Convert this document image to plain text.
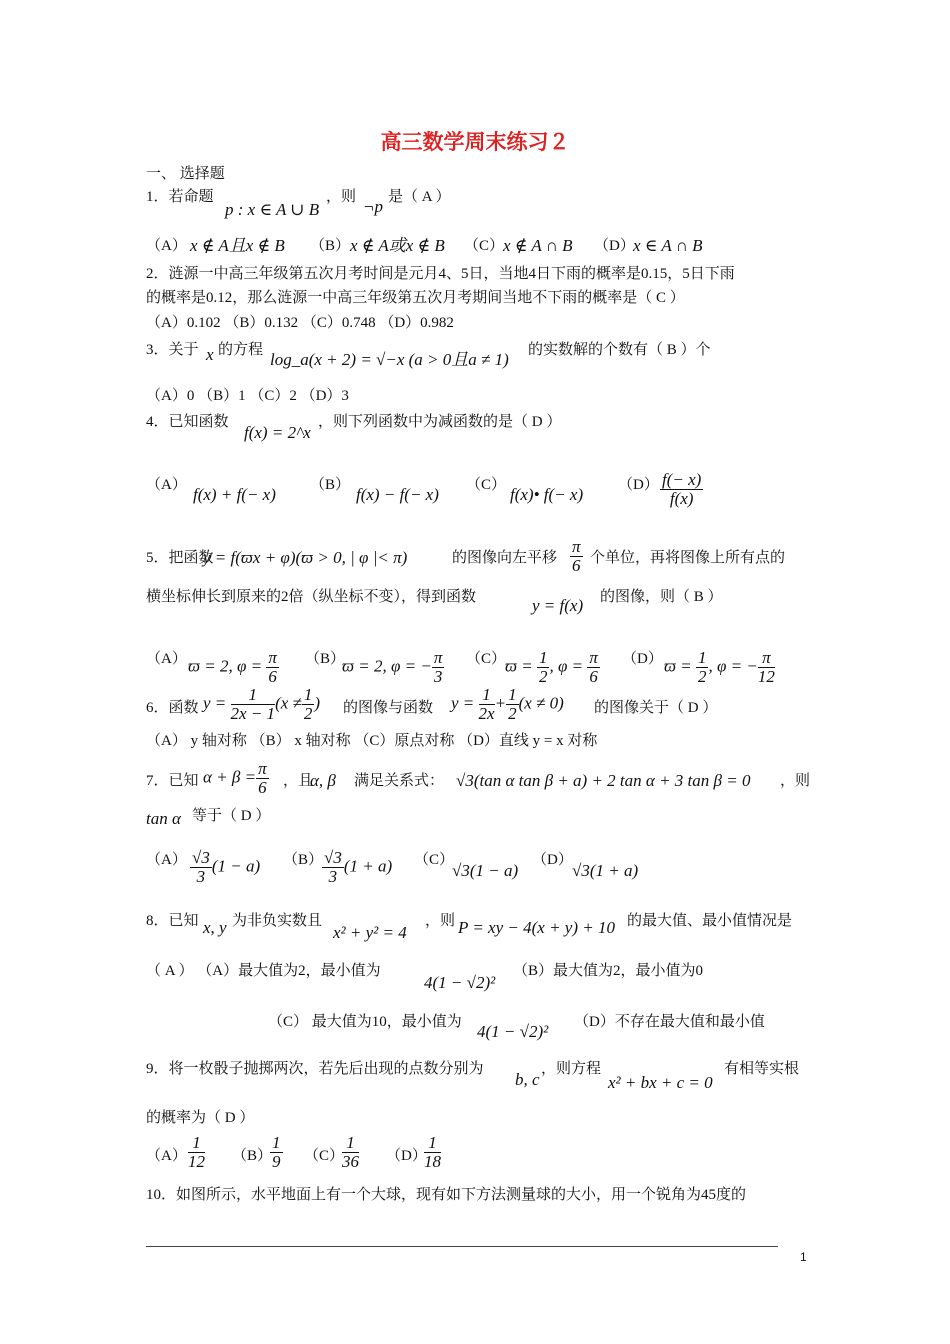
高三数学周末练习２
一、 选择题
1．若命题
p : x ∈ A ∪ B
，则 ¬p 是（ A ）
（A） x ∉ A且x ∉ B （B） x ∉ A或x ∉ B （C）
x ∉ A ∩ B （D）
x ∈ A ∩ B
2．涟源一中高三年级第五次月考时间是元月4、5日，当地4日下雨的概率是0.15，5日下雨
的概率是0.12，那么涟源一中高三年级第五次月考期间当地不下雨的概率是（ C ）
（A）0.102 （B）0.132 （C）0.748 （D）0.982
3．关于 x 的方程 log_a(x + 2) = √−x (a > 0且a ≠ 1) 的实数解的个数有（ B ）个
（A）0 （B）1 （C）2 （D）3
4．已知函数
f(x) = 2^x
，则下列函数中为减函数的是（ D ）
（A） f(x) + f(− x) （B） f(x) − f(− x) （C） f(x)• f(− x) $(D) \frac{f(- x)}{f(x)}$
5．把函数
y = f(ϖx + φ)(ϖ > 0, | φ |< π)	的图像向左平移 $\frac{\pi}{6}$ 个单位，再将图像上所有点的
横坐标伸长到原来的2倍（纵坐标不变），得到函数	y = f(x) 的图像，则（ B ）
（A） ϖ = 2, $\varphi = \frac{\pi}{6} (B)$
ϖ = 2, φ = − $\frac{\pi}{3} (C)$
$ϖ = \frac{1}{2}$ , $\varphi = \frac{\pi}{6} (D) ϖ = \frac{1}{2}$ , φ = − $\frac{\pi}{12}$
6．函数 $y = \frac{1}{2x - 1} (x \ne \frac{1}{2}$ ) 的图像与函数 $y = \frac{1}{2x} + \frac{1}{2} (x \ne 0)$ 的图像关于（ D ）
（A） y 轴对称 （B） x 轴对称 （C）原点对称 （D）直线 y = x 对称
7．已知 $\alpha + \beta = \frac{\pi}{6}$ ，且
α, β 满足关系式： √3(tan α tan β + a) + 2 tan α + 3 tan β = 0 ，则
tan α 等于（ D ）
$(A) \frac{√3}{3} (1 - a)$ （B）
$\frac{√3}{3} (1 + a)$ （C）
√3(1 − a)
（D）
√3(1 + a)
8．已知 x, y 为非负实数且
x² + y² = 4
，则 P = xy − 4(x + y) + 10 的最大值、最小值情况是
（ A ） （A）最大值为2，最小值为
4(1 − √2)²
（B）最大值为2，最小值为0
（C） 最大值为10，最小值为 4(1 − √2)² （D）不存在最大值和最小值
9．将一枚骰子抛掷两次，若先后出现的点数分别为
b, c
，则方程
x² + bx + c = 0
有相等实根
的概率为（ D ）
$(A) \frac{1}{12} (B)$
$\frac{1}{9} (C)$
$\frac{1}{36} (D)$
$\frac{1}{18}$
10．如图所示，水平地面上有一个大球，现有如下方法测量球的大小，用一个锐角为45度的
1
